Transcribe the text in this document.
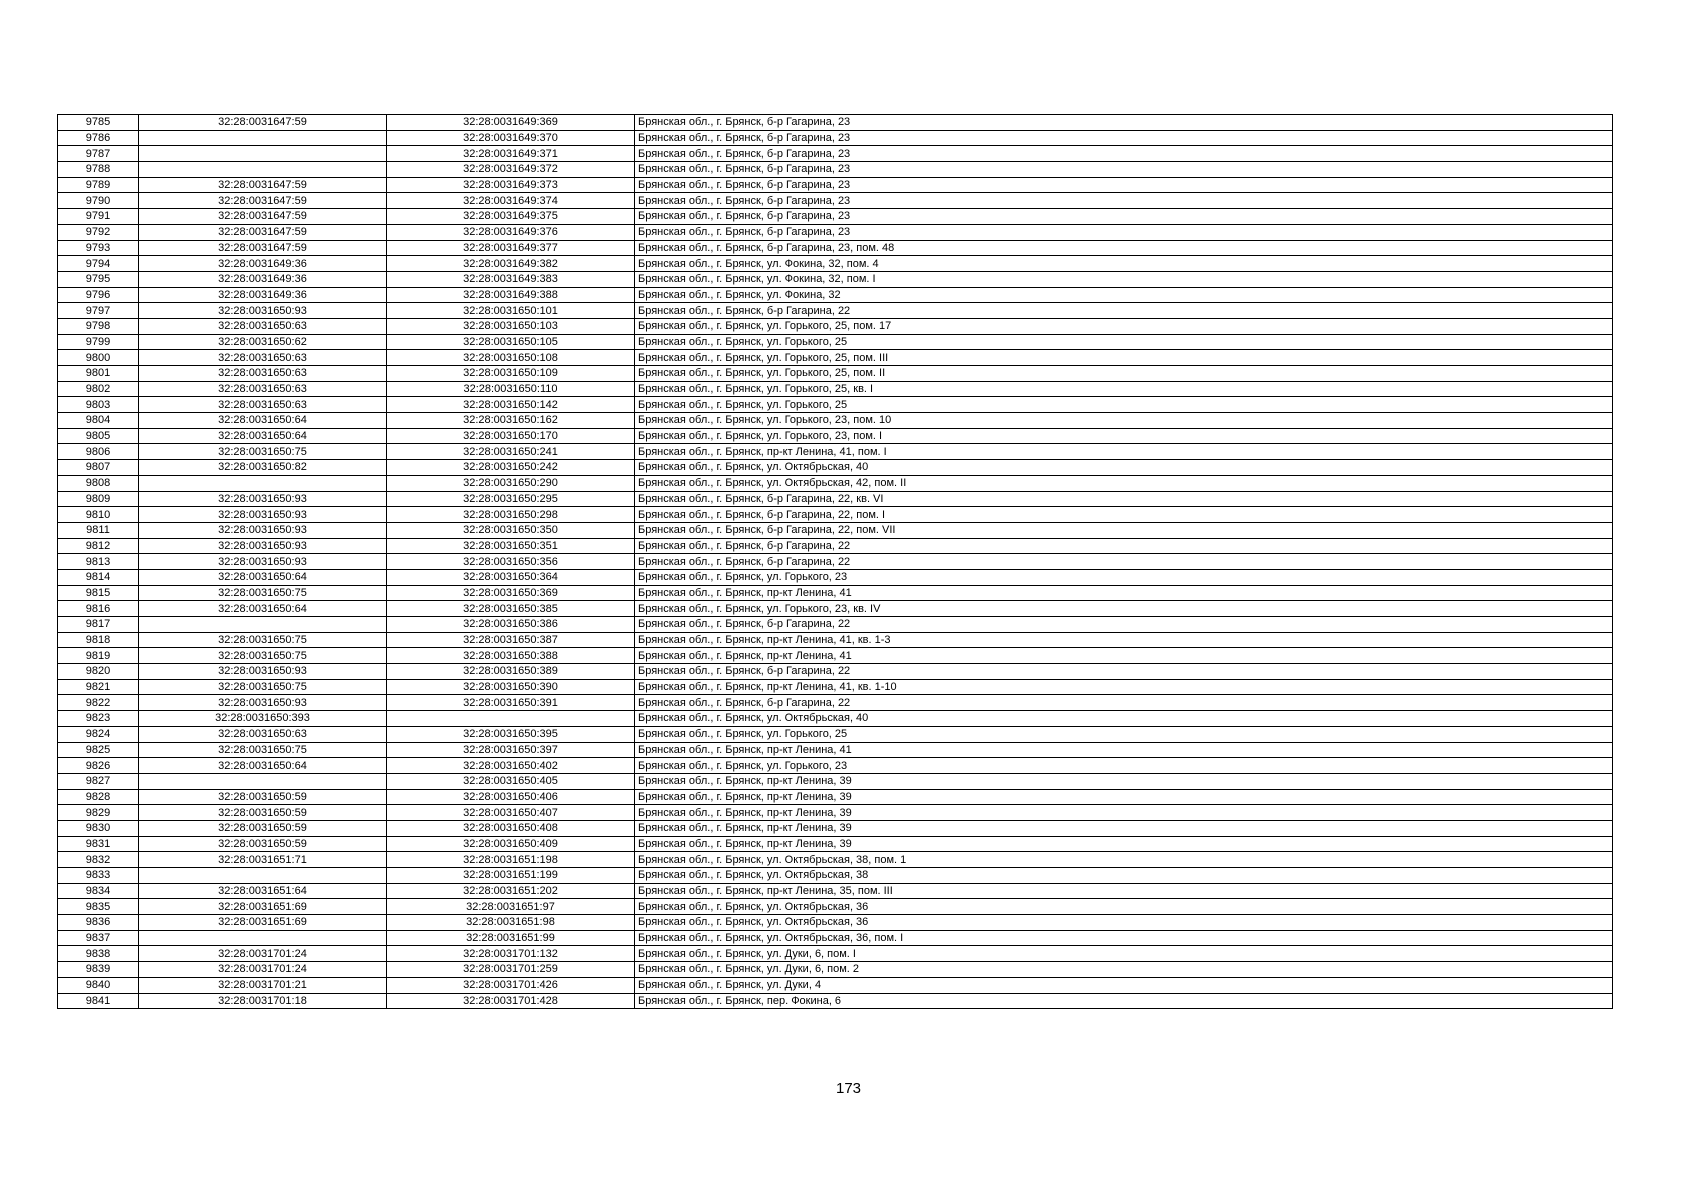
9785	32:28:0031647:59	32:28:0031649:369	Брянская обл., г. Брянск, б-р Гагарина, 23
9786		32:28:0031649:370	Брянская обл., г. Брянск, б-р Гагарина, 23
9787		32:28:0031649:371	Брянская обл., г. Брянск, б-р Гагарина, 23
9788		32:28:0031649:372	Брянская обл., г. Брянск, б-р Гагарина, 23
9789	32:28:0031647:59	32:28:0031649:373	Брянская обл., г. Брянск, б-р Гагарина, 23
9790	32:28:0031647:59	32:28:0031649:374	Брянская обл., г. Брянск, б-р Гагарина, 23
9791	32:28:0031647:59	32:28:0031649:375	Брянская обл., г. Брянск, б-р Гагарина, 23
9792	32:28:0031647:59	32:28:0031649:376	Брянская обл., г. Брянск, б-р Гагарина, 23
9793	32:28:0031647:59	32:28:0031649:377	Брянская обл., г. Брянск, б-р Гагарина, 23, пом. 48
9794	32:28:0031649:36	32:28:0031649:382	Брянская обл., г. Брянск, ул. Фокина, 32, пом. 4
9795	32:28:0031649:36	32:28:0031649:383	Брянская обл., г. Брянск, ул. Фокина, 32, пом. I
9796	32:28:0031649:36	32:28:0031649:388	Брянская обл., г. Брянск, ул. Фокина, 32
9797	32:28:0031650:93	32:28:0031650:101	Брянская обл., г. Брянск, б-р Гагарина, 22
9798	32:28:0031650:63	32:28:0031650:103	Брянская обл., г. Брянск, ул. Горького, 25, пом. 17
9799	32:28:0031650:62	32:28:0031650:105	Брянская обл., г. Брянск, ул. Горького, 25
9800	32:28:0031650:63	32:28:0031650:108	Брянская обл., г. Брянск, ул. Горького, 25, пом. III
9801	32:28:0031650:63	32:28:0031650:109	Брянская обл., г. Брянск, ул. Горького, 25, пом. II
9802	32:28:0031650:63	32:28:0031650:110	Брянская обл., г. Брянск, ул. Горького, 25, кв. I
9803	32:28:0031650:63	32:28:0031650:142	Брянская обл., г. Брянск, ул. Горького, 25
9804	32:28:0031650:64	32:28:0031650:162	Брянская обл., г. Брянск, ул. Горького, 23, пом. 10
9805	32:28:0031650:64	32:28:0031650:170	Брянская обл., г. Брянск, ул. Горького, 23, пом. I
9806	32:28:0031650:75	32:28:0031650:241	Брянская обл., г. Брянск, пр-кт Ленина, 41, пом. I
9807	32:28:0031650:82	32:28:0031650:242	Брянская обл., г. Брянск, ул. Октябрьская, 40
9808		32:28:0031650:290	Брянская обл., г. Брянск, ул. Октябрьская, 42, пом. II
9809	32:28:0031650:93	32:28:0031650:295	Брянская обл., г. Брянск, б-р Гагарина, 22, кв. VI
9810	32:28:0031650:93	32:28:0031650:298	Брянская обл., г. Брянск, б-р Гагарина, 22, пом. I
9811	32:28:0031650:93	32:28:0031650:350	Брянская обл., г. Брянск, б-р Гагарина, 22, пом. VII
9812	32:28:0031650:93	32:28:0031650:351	Брянская обл., г. Брянск, б-р Гагарина, 22
9813	32:28:0031650:93	32:28:0031650:356	Брянская обл., г. Брянск, б-р Гагарина, 22
9814	32:28:0031650:64	32:28:0031650:364	Брянская обл., г. Брянск, ул. Горького, 23
9815	32:28:0031650:75	32:28:0031650:369	Брянская обл., г. Брянск, пр-кт Ленина, 41
9816	32:28:0031650:64	32:28:0031650:385	Брянская обл., г. Брянск, ул. Горького, 23, кв. IV
9817		32:28:0031650:386	Брянская обл., г. Брянск, б-р Гагарина, 22
9818	32:28:0031650:75	32:28:0031650:387	Брянская обл., г. Брянск, пр-кт Ленина, 41, кв. 1-3
9819	32:28:0031650:75	32:28:0031650:388	Брянская обл., г. Брянск, пр-кт Ленина, 41
9820	32:28:0031650:93	32:28:0031650:389	Брянская обл., г. Брянск, б-р Гагарина, 22
9821	32:28:0031650:75	32:28:0031650:390	Брянская обл., г. Брянск, пр-кт Ленина, 41, кв. 1-10
9822	32:28:0031650:93	32:28:0031650:391	Брянская обл., г. Брянск, б-р Гагарина, 22
9823	32:28:0031650:393		Брянская обл., г. Брянск, ул. Октябрьская, 40
9824	32:28:0031650:63	32:28:0031650:395	Брянская обл., г. Брянск, ул. Горького, 25
9825	32:28:0031650:75	32:28:0031650:397	Брянская обл., г. Брянск, пр-кт Ленина, 41
9826	32:28:0031650:64	32:28:0031650:402	Брянская обл., г. Брянск, ул. Горького, 23
9827		32:28:0031650:405	Брянская обл., г. Брянск, пр-кт Ленина, 39
9828	32:28:0031650:59	32:28:0031650:406	Брянская обл., г. Брянск, пр-кт Ленина, 39
9829	32:28:0031650:59	32:28:0031650:407	Брянская обл., г. Брянск, пр-кт Ленина, 39
9830	32:28:0031650:59	32:28:0031650:408	Брянская обл., г. Брянск, пр-кт Ленина, 39
9831	32:28:0031650:59	32:28:0031650:409	Брянская обл., г. Брянск, пр-кт Ленина, 39
9832	32:28:0031651:71	32:28:0031651:198	Брянская обл., г. Брянск, ул. Октябрьская, 38, пом. 1
9833		32:28:0031651:199	Брянская обл., г. Брянск, ул. Октябрьская, 38
9834	32:28:0031651:64	32:28:0031651:202	Брянская обл., г. Брянск, пр-кт Ленина, 35, пом. III
9835	32:28:0031651:69	32:28:0031651:97	Брянская обл., г. Брянск, ул. Октябрьская, 36
9836	32:28:0031651:69	32:28:0031651:98	Брянская обл., г. Брянск, ул. Октябрьская, 36
9837		32:28:0031651:99	Брянская обл., г. Брянск, ул. Октябрьская, 36, пом. I
9838	32:28:0031701:24	32:28:0031701:132	Брянская обл., г. Брянск, ул. Дуки, 6, пом. I
9839	32:28:0031701:24	32:28:0031701:259	Брянская обл., г. Брянск, ул. Дуки, 6, пом. 2
9840	32:28:0031701:21	32:28:0031701:426	Брянская обл., г. Брянск, ул. Дуки, 4
9841	32:28:0031701:18	32:28:0031701:428	Брянская обл., г. Брянск, пер. Фокина, 6
173
